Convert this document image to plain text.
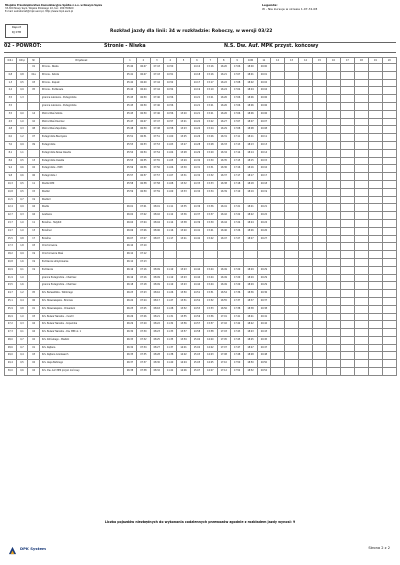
Miejskie Przedsiębiorstwo Komunikacyjne Spółka z o.o. w Nowym Sączu
33-300 Nowy Sącz, Wojska Polskiego 22, tel.: 184730600
E-mail: sekretariat@mpk.sacz.pl, http://www.mpk.sacz.pl
Legenda:
W - Nie kursuje w okresie 1.07-31.08
Raport
RJ 07B	Rozkład jazdy dla linii: 34 w rozkładzie: Roboczy, w wersji 03/22
02 - POWRÓT:	Stronie - Niwka	N.S. Dw. Auf. MPK przyst. końcowy
Odl.c	Odl.p	Nr	Przystanek	1	2	3	4	5	6	7	8	9	10W	11	12	13	14	15	16	17	18	19	20
		01	Stronie - Niwka	05:40	06:47	07:43	10:50		14:10	15:16	16:20	17:06	18:00	20:00									
0,8	0,8	01a	Stronie - Szkoła	05:41	06:47	07:43	10:51		14:18	15:16	16:21	17:07	18:01	20:01									
1,3	0,5	03	Stronie - Zapust	05:42	06:49	07:44	10:52		14:17	15:17	16:22	17:08	18:02	20:02									
2,2	0,9	05	Stronie - Podlisowie	05:44	06:44	07:44	10:54		14:19	15:19	16:24	17:04	18:04	20:04									
3,5	1,3		granica Łukowica - Podegrodzie	05:45	06:50	07:46	10:56		14:21	15:21	16:26	17:06	18:06	20:06									
3,5			granica Łukowica - Podegrodzie	05:45	06:50	07:46	10:56		14:21	15:21	16:26	17:06	18:06	20:06									
3,5	0,0	14	Mokra Wieś Szkoła	05:45	06:50	07:46	10:56	13:20	14:21	15:21	16:26	17:06	18:06	20:06									
4,5	1,0	10	Mokra Wieś Dworzec	05:47	06:47	07:47	10:57	13:21	14:22	15:22	16:27	17:07	18:07	20:07									
4,8	0,3	08	Mokra Wieś Zapoździe	05:48	06:50	07:48	10:58	13:23	14:24	15:24	16:29	17:08	18:08	20:08									
6,0	1,2	07	Podegrodzie Bieczyska	05:51	06:51	07:51	11:00	13:25	14:26	15:26	16:31	17:11	18:11	20:11									
7,0	0,9	09	Podegrodzie	05:53	06:53	07:53	11:03	13:27	14:28	15:28	16:33	17:13	18:13	20:13									
8,1	1,1		Podegrodzie Nowe Osiedle	05:54	06:54	07:54	11:04	13:28	14:29	15:29	16:34	17:14	18:14	20:14									
8,6	0,5	13	Podegrodzie Osiedle	05:55	06:55	07:55	11:05	13:29	14:30	15:30	16:35	17:15	18:15	20:15									
9,2	0,6	02	Podegrodzie - POM	05:56	06:56	07:56	11:06	13:30	14:31	15:31	16:36	17:16	18:16	20:16									
9,8	0,6	06	Podegrodzie I	05:57	06:57	07:57	11:07	13:31	14:32	15:32	16:37	17:17	18:17	20:17									
10,3	0,5	11	Stadła OPN	05:58	06:58	07:58	11:08	13:32	14:33	15:33	16:38	17:18	18:18	20:18									
10,8	0,5	15	Stadła I	05:59	06:59	07:59	11:09	13:33	14:34	15:34	16:39	17:19	18:19	20:19									
11,5	0,7	19	Stadła II																				
12,4	0,9	04	Stadła	06:01	07:01	08:01	11:11	13:35	14:36	15:36	16:41	17:21	18:21	20:21									
12,7	0,3	04	Gostwica	06:02	07:02	08:02	11:12	13:36	14:37	15:37	16:42	17:22	18:22	20:22									
13,7	1,0	11	Brzeźna - Halytkit	06:04	07:04	08:04	11:14	13:38	14:39	15:39	16:44	17:24	18:24	20:24									
14,7	1,0	13	Brzeźna I	06:06	07:06	08:06	11:16	13:40	14:41	15:41	16:46	17:26	18:26	20:26									
15,5	0,8	17	Brzeźna	06:07	07:07	08:07	11:17	13:41	14:42	15:42	16:47	17:27	18:27	20:27									
17,3	1,8	03	Chochorowice	06:10	07:10																		
18,2	0,9	19	Chochorowice Wieś	06:12	07:12																		
20,8	1,6	19	Podrzecze skrzyżowanie	06:12	07:13																		
20,9	0,1	19	Podrzecze	06:16	07:16	08:09	11:19	13:43	14:44	15:44	16:49	17:29	18:29	20:29									
21,9	1,0		granica Podegrodzie - Chełmiec	06:16	07:16	08:09	11:19	13:43	14:44	15:44	16:49	17:29	18:29	20:29									
23,5	1,6		granica Podegrodzie - Chełmiec	06:18	07:18	08:09	11:19	13:43	14:44	15:44	16:49	17:29	18:29	20:29									
24,7	1,2	05	N.S. Barwałdzka - Wiktorego	06:23	07:23	08:16	11:26	13:50	14:51	15:51	16:54	17:36	18:36	20:36									
25,1	0,4	06	N.S. Stawowiejska - Bronisia	06:24	07:24	08:17	11:27	13:51	14:52	15:52	16:55	17:37	18:37	20:37									
25,9	0,8	01	N.S. Stawowiejska - Chwedacz	06:25	07:25	08:18	11:28	13:52	14:53	15:53	16:56	17:38	18:38	20:38									
26,9	1,0	03	N.S. Bulwar Narwiku - most II	06:26	07:26	08:21	11:31	13:55	14:56	15:56	17:01	17:41	18:41	20:41									
27,2	0,3	04	N.S. Bulwar Narwiku - Kopernika	06:29	07:29	08:22	11:32	13:56	14:57	15:57	17:02	17:42	18:42	20:42									
27,3	0,1	04	N.S. Bulwar Narwiku - Dw. MPK ul. 1	06:30	07:30	08:23	11:33	13:57	14:58	15:58	17:03	17:43	18:43	20:43									
28,0	0,7	02	N.S. Kilińskiego - Miedzki	06:33	07:32	08:25	11:35	13:59	15:00	16:00	17:05	17:45	18:45	20:45									
28,6	0,7	01	N.S. Rejtana	06:34	07:34	08:27	11:37	14:01	15:02	16:02	17:07	17:47	18:47	20:47									
29,0	0,4	03	N.S. Rejtana Gradaseich	06:35	07:35	08:28	11:38	14:02	15:03	16:03	17:08	17:48	18:48	20:48									
29,4	0,5	02	N.S. Aleja Batorego	06:37	07:37	08:30	11:40	14:04	15:05	16:05	17:10	17:50	18:50	20:50									
30,0	0,6	04	N.S. Dw. Auf. MPK przyst. końcowy	06:38	07:38	08:32	11:42	14:06	15:07	16:07	17:12	17:52	18:52	20:52									
Liczba pojazdów niezbędnych do wykonania codziennych przewozów zgodnie z rozkładem jazdy wynosi: 9
DPK System	Strona 2 z 2
